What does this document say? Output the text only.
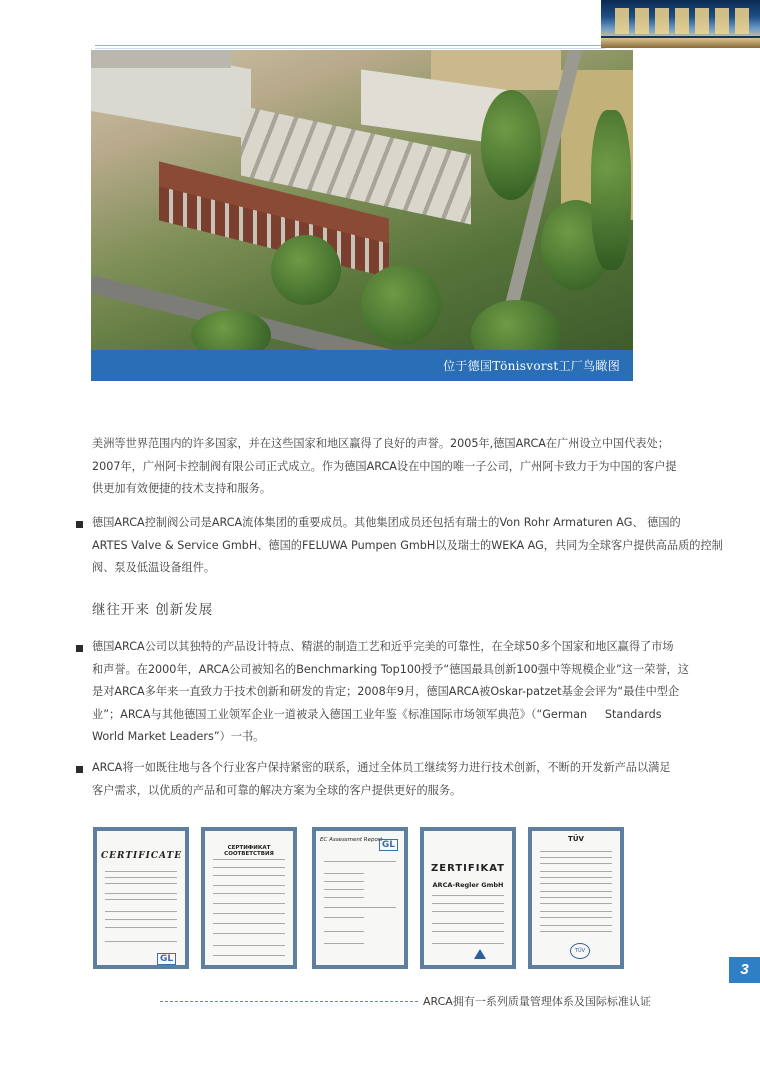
位于德国Tönisvorst工厂鸟瞰图
美洲等世界范围内的许多国家，并在这些国家和地区赢得了良好的声誉。2005年,德国ARCA在广州设立中国代表处；
2007年，广州阿卡控制阀有限公司正式成立。作为德国ARCA设在中国的唯一子公司，广州阿卡致力于为中国的客户提
供更加有效便捷的技术支持和服务。
德国ARCA控制阀公司是ARCA流体集团的重要成员。其他集团成员还包括有瑞士的Von Rohr Armaturen AG、 德国的
ARTES Valve & Service GmbH、德国的FELUWA Pumpen GmbH以及瑞士的WEKA AG，共同为全球客户提供高品质的控制
阀、泵及低温设备组件。
继往开来 创新发展
德国ARCA公司以其独特的产品设计特点、精湛的制造工艺和近乎完美的可靠性，在全球50多个国家和地区赢得了市场
和声誉。在2000年，ARCA公司被知名的Benchmarking Top100授予“德国最具创新100强中等规模企业”这一荣誉，这
是对ARCA多年来一直致力于技术创新和研发的肯定；2008年9月，德国ARCA被Oskar-patzet基金会评为“最佳中型企
业”；ARCA与其他德国工业领军企业一道被录入德国工业年鉴《标准国际市场领军典范》（“German     Standards
World Market Leaders”）一书。
ARCA将一如既往地与各个行业客户保持紧密的联系，通过全体员工继续努力进行技术创新，不断的开发新产品以满足
客户需求，以优质的产品和可靠的解决方案为全球的客户提供更好的服务。
CERTIFICATE
GL
СЕРТИФИКАТ СООТВЕТСТВИЯ
EC Assessment Report GL
ZERTIFIKAT
ARCA-Regler GmbH
TÜV
TÜV
3
ARCA拥有一系列质量管理体系及国际标准认证
